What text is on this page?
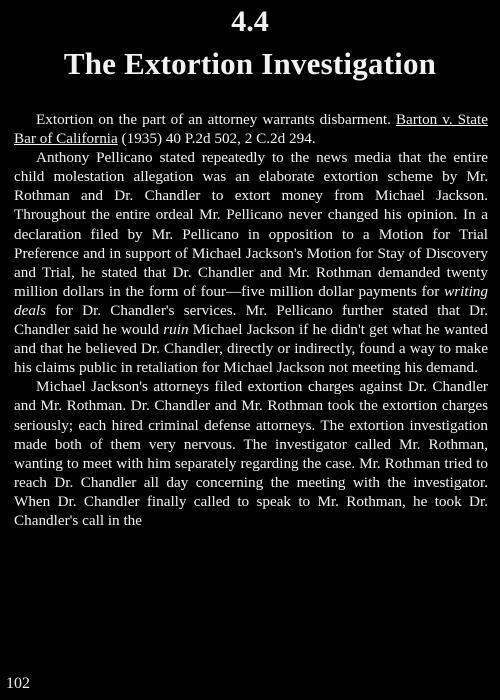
4.4
The Extortion Investigation

Extortion on the part of an attorney warrants disbarment. Barton v. State Bar of California (1935) 40 P.2d 502, 2 C.2d 294.

Anthony Pellicano stated repeatedly to the news media that the entire child molestation allegation was an elaborate extortion scheme by Mr. Rothman and Dr. Chandler to extort money from Michael Jackson. Throughout the entire ordeal Mr. Pellicano never changed his opinion. In a declaration filed by Mr. Pellicano in opposition to a Motion for Trial Preference and in support of Michael Jackson's Motion for Stay of Discovery and Trial, he stated that Dr. Chandler and Mr. Rothman demanded twenty million dollars in the form of four—five million dollar payments for writing deals for Dr. Chandler's services. Mr. Pellicano further stated that Dr. Chandler said he would ruin Michael Jackson if he didn't get what he wanted and that he believed Dr. Chandler, directly or indirectly, found a way to make his claims public in retaliation for Michael Jackson not meeting his demand.

Michael Jackson's attorneys filed extortion charges against Dr. Chandler and Mr. Rothman. Dr. Chandler and Mr. Rothman took the extortion charges seriously; each hired criminal defense attorneys. The extortion investigation made both of them very nervous. The investigator called Mr. Rothman, wanting to meet with him separately regarding the case. Mr. Rothman tried to reach Dr. Chandler all day concerning the meeting with the investigator. When Dr. Chandler finally called to speak to Mr. Rothman, he took Dr. Chandler's call in the

102
